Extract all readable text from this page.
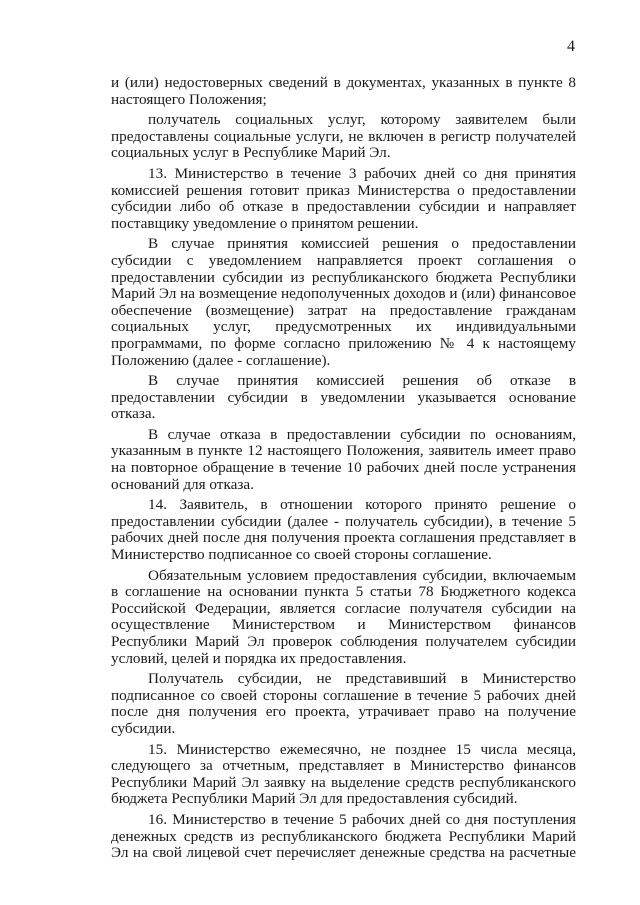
4

и (или) недостоверных сведений в документах, указанных в пункте 8 настоящего Положения;

получатель социальных услуг, которому заявителем были предоставлены социальные услуги, не включен в регистр получателей социальных услуг в Республике Марий Эл.

13. Министерство в течение 3 рабочих дней со дня принятия комиссией решения готовит приказ Министерства о предоставлении субсидии либо об отказе в предоставлении субсидии и направляет поставщику уведомление о принятом решении.

В случае принятия комиссией решения о предоставлении субсидии с уведомлением направляется проект соглашения о предоставлении субсидии из республиканского бюджета Республики Марий Эл на возмещение недополученных доходов и (или) финансовое обеспечение (возмещение) затрат на предоставление гражданам социальных услуг, предусмотренных их индивидуальными программами, по форме согласно приложению № 4 к настоящему Положению (далее - соглашение).

В случае принятия комиссией решения об отказе в предоставлении субсидии в уведомлении указывается основание отказа.

В случае отказа в предоставлении субсидии по основаниям, указанным в пункте 12 настоящего Положения, заявитель имеет право на повторное обращение в течение 10 рабочих дней после устранения оснований для отказа.

14. Заявитель, в отношении которого принято решение о предоставлении субсидии (далее - получатель субсидии), в течение 5 рабочих дней после дня получения проекта соглашения представляет в Министерство подписанное со своей стороны соглашение.

Обязательным условием предоставления субсидии, включаемым в соглашение на основании пункта 5 статьи 78 Бюджетного кодекса Российской Федерации, является согласие получателя субсидии на осуществление Министерством и Министерством финансов Республики Марий Эл проверок соблюдения получателем субсидии условий, целей и порядка их предоставления.

Получатель субсидии, не представивший в Министерство подписанное со своей стороны соглашение в течение 5 рабочих дней после дня получения его проекта, утрачивает право на получение субсидии.

15. Министерство ежемесячно, не позднее 15 числа месяца, следующего за отчетным, представляет в Министерство финансов Республики Марий Эл заявку на выделение средств республиканского бюджета Республики Марий Эл для предоставления субсидий.

16. Министерство в течение 5 рабочих дней со дня поступления денежных средств из республиканского бюджета Республики Марий Эл на свой лицевой счет перечисляет денежные средства на расчетные
